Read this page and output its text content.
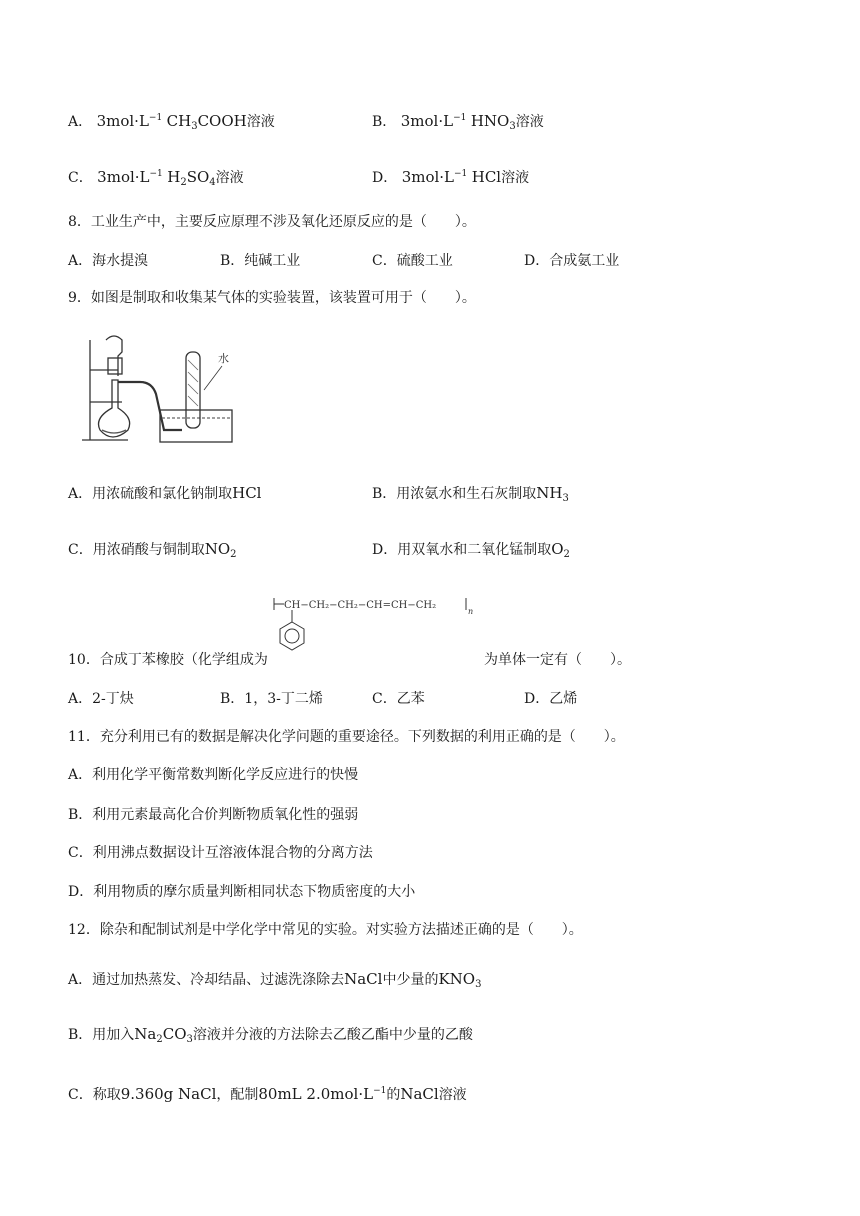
A． $3mol\cdot L^{-1}$ $CH_3COOH$溶液	B． $3mol\cdot L^{-1}$ $HNO_3$溶液
C． $3mol\cdot L^{-1}$ $H_2SO_4$溶液	D． $3mol\cdot L^{-1}$ HCl溶液
8．工业生产中，主要反应原理不涉及氧化还原反应的是（　　）。
A．海水提溴	B．纯碱工业	C．硫酸工业	D．合成氨工业
9．如图是制取和收集某气体的实验装置，该装置可用于（　　）。
水
A．用浓硫酸和氯化钠制取HCl	B．用浓氨水和生石灰制取$NH_3$
C．用浓硝酸与铜制取$NO_2$	D．用双氧水和二氧化锰制取$O_2$
CH−CH₂−CH₂−CH=CH−CH₂
n
10．合成丁苯橡胶（化学组成为	为单体一定有（　　）。
A．2-丁炔	B．1，3-丁二烯	C．乙苯	D．乙烯
11．充分利用已有的数据是解决化学问题的重要途径。下列数据的利用正确的是（　　）。
A．利用化学平衡常数判断化学反应进行的快慢
B．利用元素最高化合价判断物质氧化性的强弱
C．利用沸点数据设计互溶液体混合物的分离方法
D．利用物质的摩尔质量判断相同状态下物质密度的大小
12．除杂和配制试剂是中学化学中常见的实验。对实验方法描述正确的是（　　）。
A．通过加热蒸发、冷却结晶、过滤洗涤除去NaCl中少量的$KNO_3$
B．用加入$Na_2CO_3$溶液并分液的方法除去乙酸乙酯中少量的乙酸
C．称取9.360g NaCl，配制80mL $2.0mol\cdot L^{-1}$的NaCl溶液
